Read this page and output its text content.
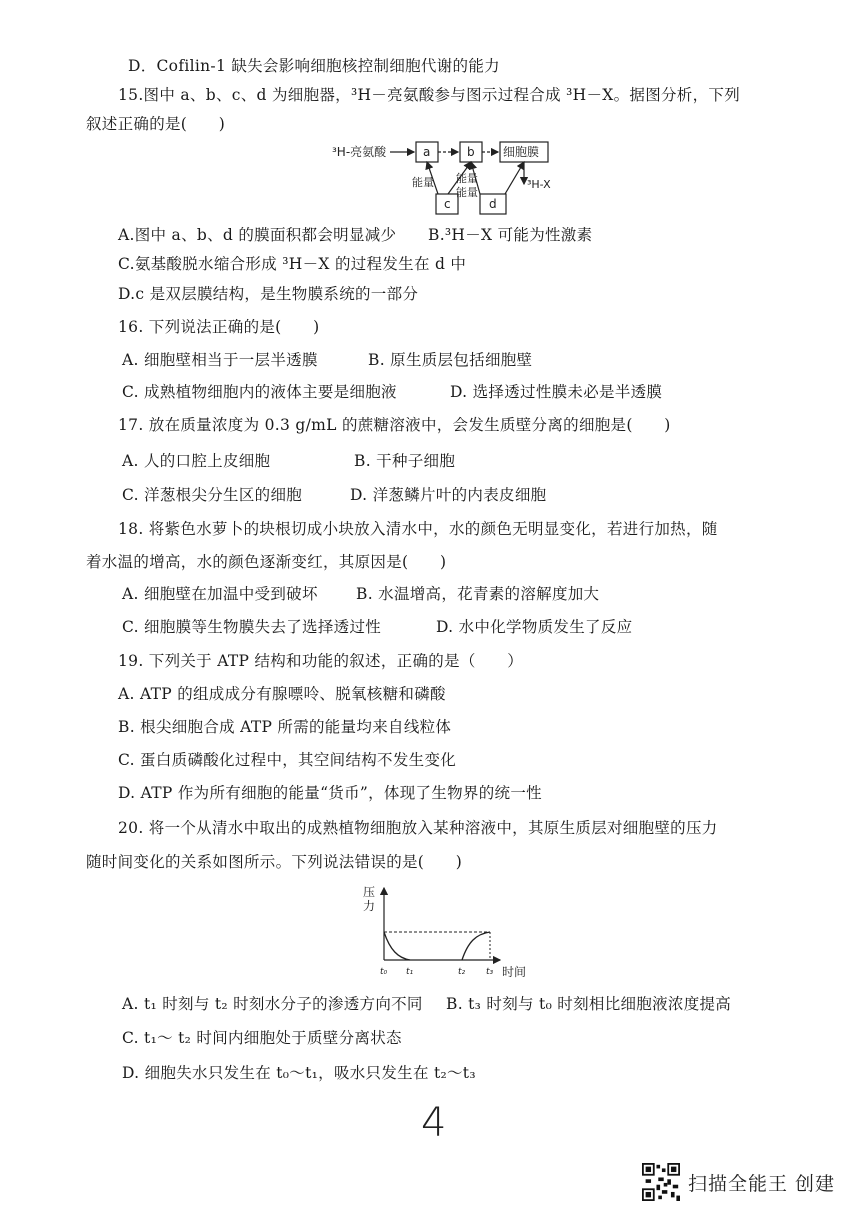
D．Cofilin-1 缺失会影响细胞核控制细胞代谢的能力
15.图中 a、b、c、d 为细胞器，³H－亮氨酸参与图示过程合成 ³H－X。据图分析，下列
叙述正确的是(　　)
³H-亮氨酸	a	b 细胞膜
³H-X
能量 能量
能量
c	d
A.图中 a、b、d 的膜面积都会明显减少 B.³H－X 可能为性激素
C.氨基酸脱水缩合形成 ³H－X 的过程发生在 d 中
D.c 是双层膜结构，是生物膜系统的一部分
16. 下列说法正确的是(　　)
A. 细胞壁相当于一层半透膜	B. 原生质层包括细胞壁
C. 成熟植物细胞内的液体主要是细胞液	D. 选择透过性膜未必是半透膜
17. 放在质量浓度为 0.3 g/mL 的蔗糖溶液中，会发生质壁分离的细胞是(　　)
A. 人的口腔上皮细胞	B. 干种子细胞
C. 洋葱根尖分生区的细胞	D. 洋葱鳞片叶的内表皮细胞
18. 将紫色水萝卜的块根切成小块放入清水中，水的颜色无明显变化，若进行加热，随
着水温的增高，水的颜色逐渐变红，其原因是(　　)
A. 细胞壁在加温中受到破坏 B. 水温增高，花青素的溶解度加大
C. 细胞膜等生物膜失去了选择透过性	D. 水中化学物质发生了反应
19. 下列关于 ATP 结构和功能的叙述，正确的是（　　）
A. ATP 的组成成分有腺嘌呤、脱氧核糖和磷酸
B. 根尖细胞合成 ATP 所需的能量均来自线粒体
C. 蛋白质磷酸化过程中，其空间结构不发生变化
D. ATP 作为所有细胞的能量“货币”，体现了生物界的统一性
20. 将一个从清水中取出的成熟植物细胞放入某种溶液中，其原生质层对细胞壁的压力
随时间变化的关系如图所示。下列说法错误的是(　　)
压
力
t₀ t₁	t₂ t₃ 时间
A. t₁ 时刻与 t₂ 时刻水分子的渗透方向不同 B. t₃ 时刻与 t₀ 时刻相比细胞液浓度提高
C. t₁～ t₂ 时间内细胞处于质壁分离状态
D. 细胞失水只发生在 t₀～t₁，吸水只发生在 t₂～t₃
4
扫描全能王 创建
